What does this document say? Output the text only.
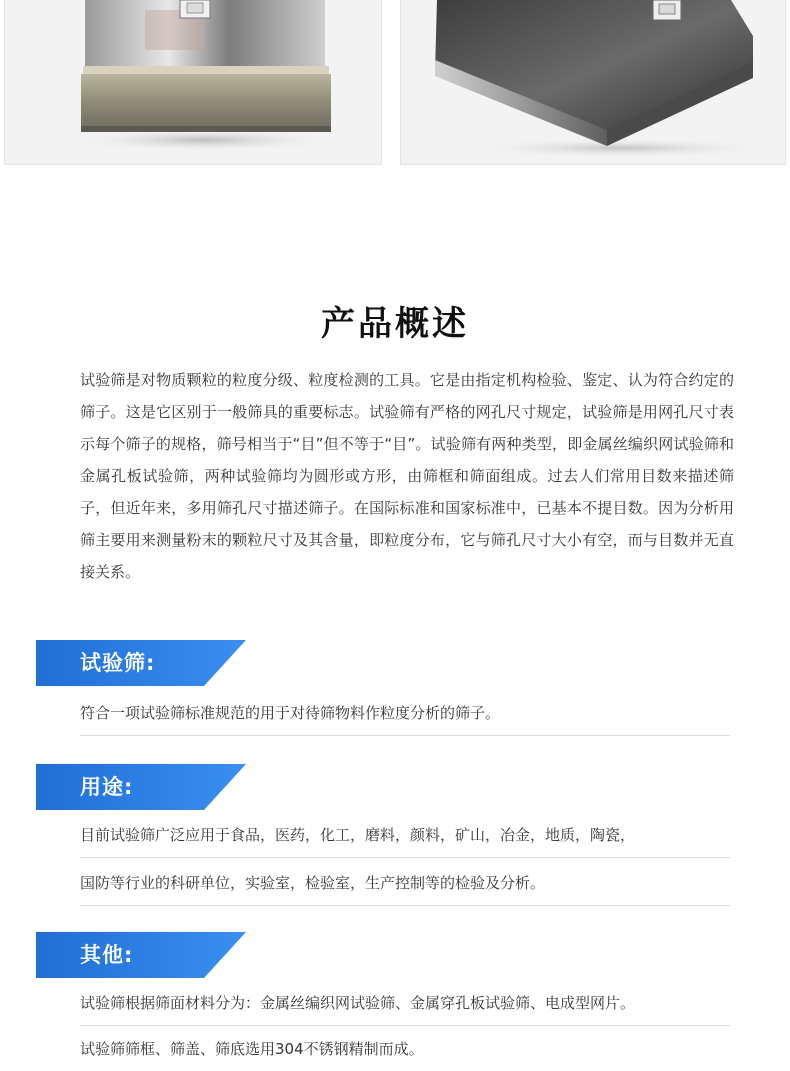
产品概述
试验筛是对物质颗粒的粒度分级、粒度检测的工具。它是由指定机构检验、鉴定、认为符合约定的筛子。这是它区别于一般筛具的重要标志。试验筛有严格的网孔尺寸规定，试验筛是用网孔尺寸表示每个筛子的规格，筛号相当于“目”但不等于“目”。试验筛有两种类型，即金属丝编织网试验筛和金属孔板试验筛，两种试验筛均为圆形或方形，由筛框和筛面组成。过去人们常用目数来描述筛子，但近年来，多用筛孔尺寸描述筛子。在国际标准和国家标准中，已基本不提目数。因为分析用筛主要用来测量粉末的颗粒尺寸及其含量，即粒度分布，它与筛孔尺寸大小有空，而与目数并无直接关系。
试验筛:
符合一项试验筛标准规范的用于对待筛物料作粒度分析的筛子。
用途:
目前试验筛广泛应用于食品，医药，化工，磨料，颜料，矿山，冶金，地质，陶瓷，
国防等行业的科研单位，实验室，检验室，生产控制等的检验及分析。
其他:
试验筛根据筛面材料分为：金属丝编织网试验筛、金属穿孔板试验筛、电成型网片。
试验筛筛框、筛盖、筛底选用304不锈钢精制而成。
